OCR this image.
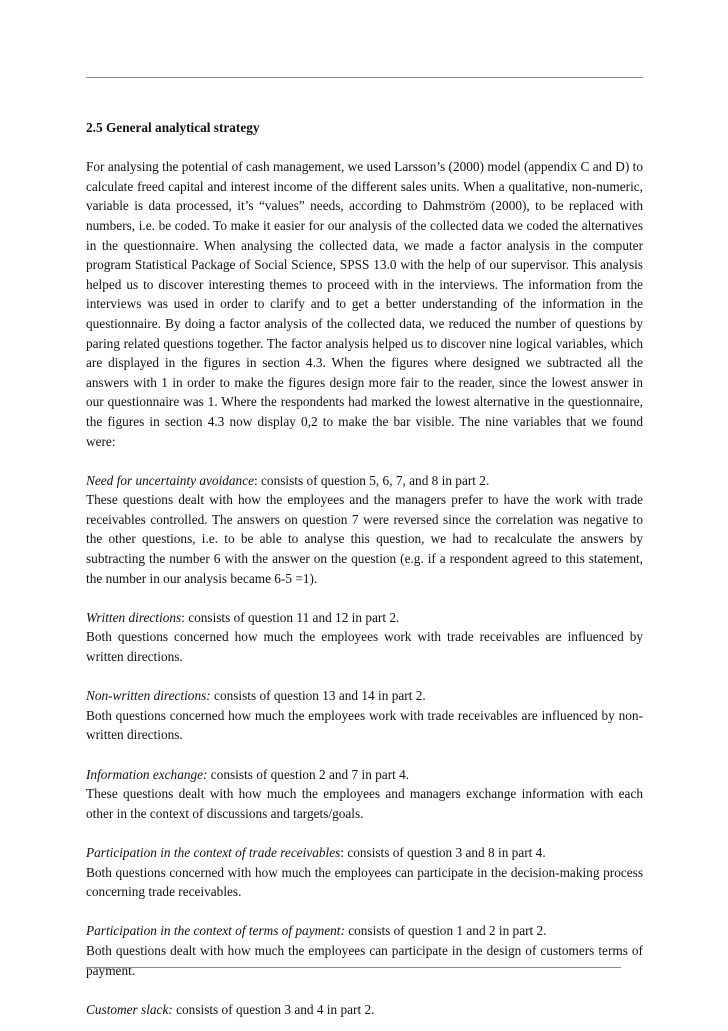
2.5 General analytical strategy

For analysing the potential of cash management, we used Larsson’s (2000) model (appendix C and D) to calculate freed capital and interest income of the different sales units. When a qualitative, non-numeric, variable is data processed, it’s “values” needs, according to Dahmström (2000), to be replaced with numbers, i.e. be coded. To make it easier for our analysis of the collected data we coded the alternatives in the questionnaire. When analysing the collected data, we made a factor analysis in the computer program Statistical Package of Social Science, SPSS 13.0 with the help of our supervisor. This analysis helped us to discover interesting themes to proceed with in the interviews. The information from the interviews was used in order to clarify and to get a better understanding of the information in the questionnaire. By doing a factor analysis of the collected data, we reduced the number of questions by paring related questions together. The factor analysis helped us to discover nine logical variables, which are displayed in the figures in section 4.3. When the figures where designed we subtracted all the answers with 1 in order to make the figures design more fair to the reader, since the lowest answer in our questionnaire was 1. Where the respondents had marked the lowest alternative in the questionnaire, the figures in section 4.3 now display 0,2 to make the bar visible. The nine variables that we found were:

Need for uncertainty avoidance: consists of question 5, 6, 7, and 8 in part 2.
These questions dealt with how the employees and the managers prefer to have the work with trade receivables controlled. The answers on question 7 were reversed since the correlation was negative to the other questions, i.e. to be able to analyse this question, we had to recalculate the answers by subtracting the number 6 with the answer on the question (e.g. if a respondent agreed to this statement, the number in our analysis became 6-5 =1).

Written directions: consists of question 11 and 12 in part 2.
Both questions concerned how much the employees work with trade receivables are influenced by written directions.

Non-written directions: consists of question 13 and 14 in part 2.
Both questions concerned how much the employees work with trade receivables are influenced by non-written directions.

Information exchange: consists of question 2 and 7 in part 4.
These questions dealt with how much the employees and managers exchange information with each other in the context of discussions and targets/goals.

Participation in the context of trade receivables: consists of question 3 and 8 in part 4.
Both questions concerned with how much the employees can participate in the decision-making process concerning trade receivables.

Participation in the context of terms of payment: consists of question 1 and 2 in part 2.
Both questions dealt with how much the employees can participate in the design of customers terms of payment.

Customer slack: consists of question 3 and 4 in part 2.
